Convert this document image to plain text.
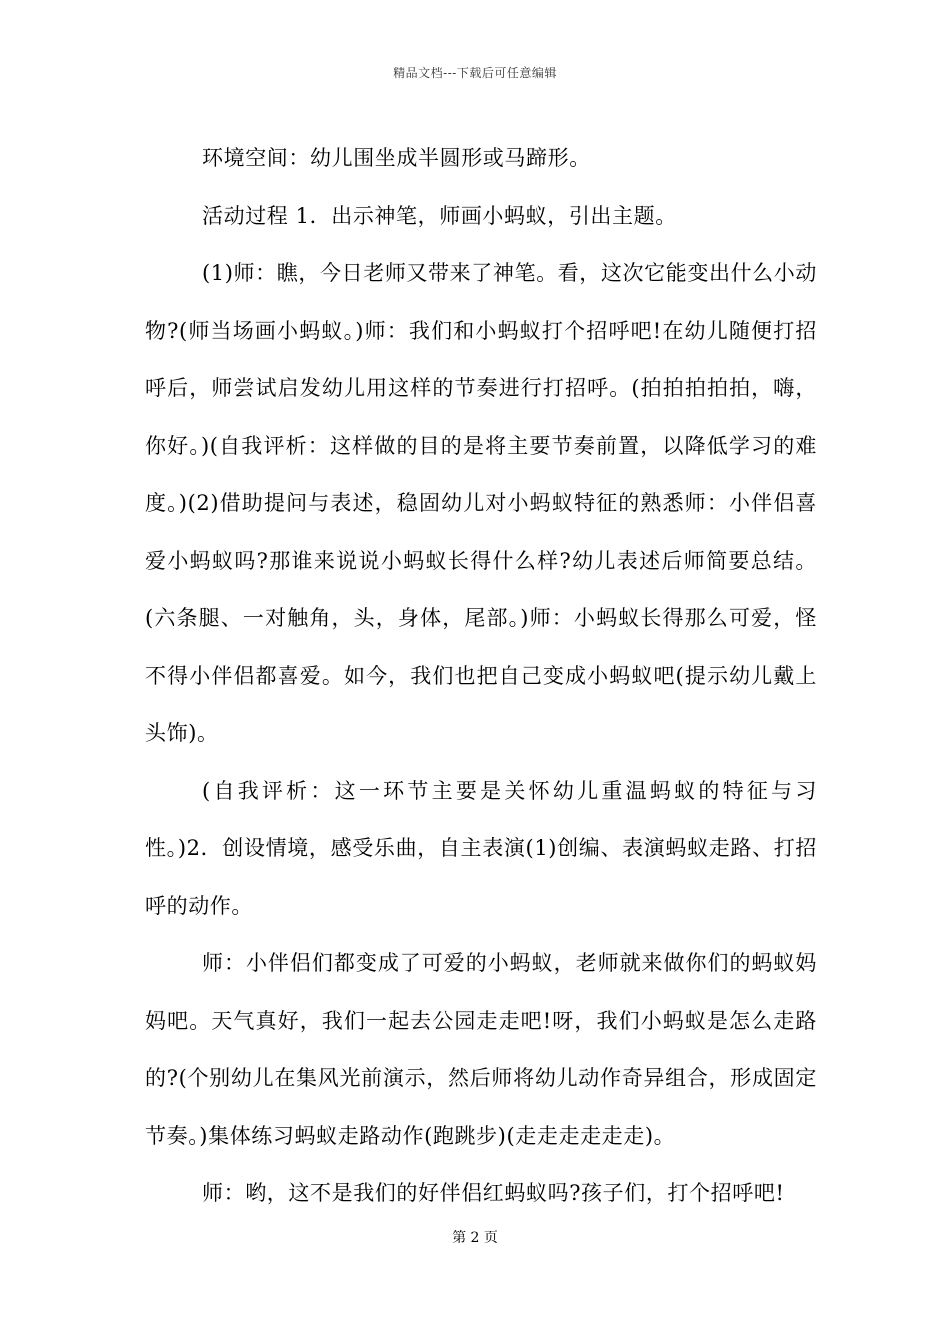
精品文档---下载后可任意编辑

环境空间：幼儿围坐成半圆形或马蹄形。

活动过程 1．出示神笔，师画小蚂蚁，引出主题。

(1)师：瞧，今日老师又带来了神笔。看，这次它能变出什么小动物?(师当场画小蚂蚁。)师：我们和小蚂蚁打个招呼吧!在幼儿随便打招呼后，师尝试启发幼儿用这样的节奏进行打招呼。(拍拍拍拍拍，嗨，你好。)(自我评析：这样做的目的是将主要节奏前置，以降低学习的难度。)(2)借助提问与表述，稳固幼儿对小蚂蚁特征的熟悉师：小伴侣喜爱小蚂蚁吗?那谁来说说小蚂蚁长得什么样?幼儿表述后师简要总结。(六条腿、一对触角，头，身体，尾部。)师：小蚂蚁长得那么可爱，怪不得小伴侣都喜爱。如今，我们也把自己变成小蚂蚁吧(提示幼儿戴上头饰)。

(自我评析：这一环节主要是关怀幼儿重温蚂蚁的特征与习性。)2．创设情境，感受乐曲，自主表演(1)创编、表演蚂蚁走路、打招呼的动作。

师：小伴侣们都变成了可爱的小蚂蚁，老师就来做你们的蚂蚁妈妈吧。天气真好，我们一起去公园走走吧!呀，我们小蚂蚁是怎么走路的?(个别幼儿在集风光前演示，然后师将幼儿动作奇异组合，形成固定节奏。)集体练习蚂蚁走路动作(跑跳步)(走走走走走走)。

师：哟，这不是我们的好伴侣红蚂蚁吗?孩子们，打个招呼吧!

第 2 页
